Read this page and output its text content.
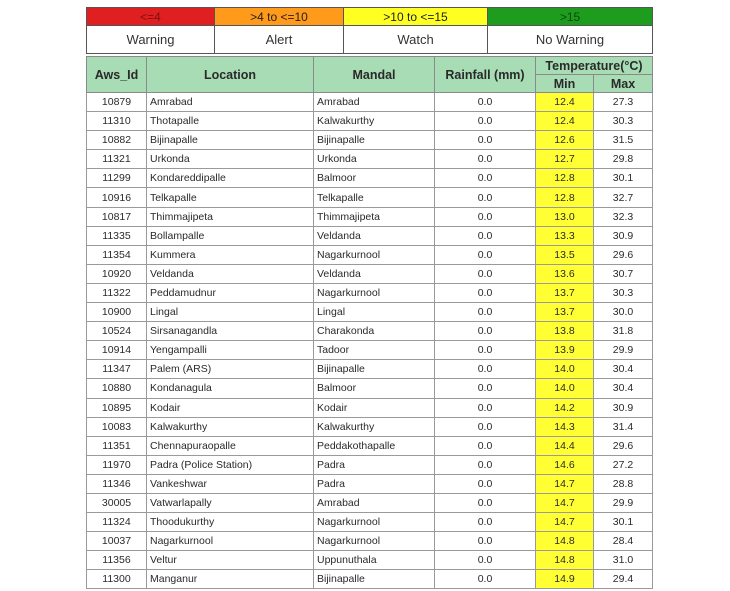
<=4	>4 to <=10	>10 to <=15	>15
Warning	Alert	Watch	No Warning
Aws_Id	Location	Mandal	Rainfall (mm)	Temperature(°C)	
				Min	Max
10879	Amrabad	Amrabad	0.0	12.4	27.3
11310	Thotapalle	Kalwakurthy	0.0	12.4	30.3
10882	Bijinapalle	Bijinapalle	0.0	12.6	31.5
11321	Urkonda	Urkonda	0.0	12.7	29.8
11299	Kondareddipalle	Balmoor	0.0	12.8	30.1
10916	Telkapalle	Telkapalle	0.0	12.8	32.7
10817	Thimmajipeta	Thimmajipeta	0.0	13.0	32.3
11335	Bollampalle	Veldanda	0.0	13.3	30.9
11354	Kummera	Nagarkurnool	0.0	13.5	29.6
10920	Veldanda	Veldanda	0.0	13.6	30.7
11322	Peddamudnur	Nagarkurnool	0.0	13.7	30.3
10900	Lingal	Lingal	0.0	13.7	30.0
10524	Sirsanagandla	Charakonda	0.0	13.8	31.8
10914	Yengampalli	Tadoor	0.0	13.9	29.9
11347	Palem (ARS)	Bijinapalle	0.0	14.0	30.4
10880	Kondanagula	Balmoor	0.0	14.0	30.4
10895	Kodair	Kodair	0.0	14.2	30.9
10083	Kalwakurthy	Kalwakurthy	0.0	14.3	31.4
11351	Chennapuraopalle	Peddakothapalle	0.0	14.4	29.6
11970	Padra (Police Station)	Padra	0.0	14.6	27.2
11346	Vankeshwar	Padra	0.0	14.7	28.8
30005	Vatwarlapally	Amrabad	0.0	14.7	29.9
11324	Thoodukurthy	Nagarkurnool	0.0	14.7	30.1
10037	Nagarkurnool	Nagarkurnool	0.0	14.8	28.4
11356	Veltur	Uppunuthala	0.0	14.8	31.0
11300	Manganur	Bijinapalle	0.0	14.9	29.4
